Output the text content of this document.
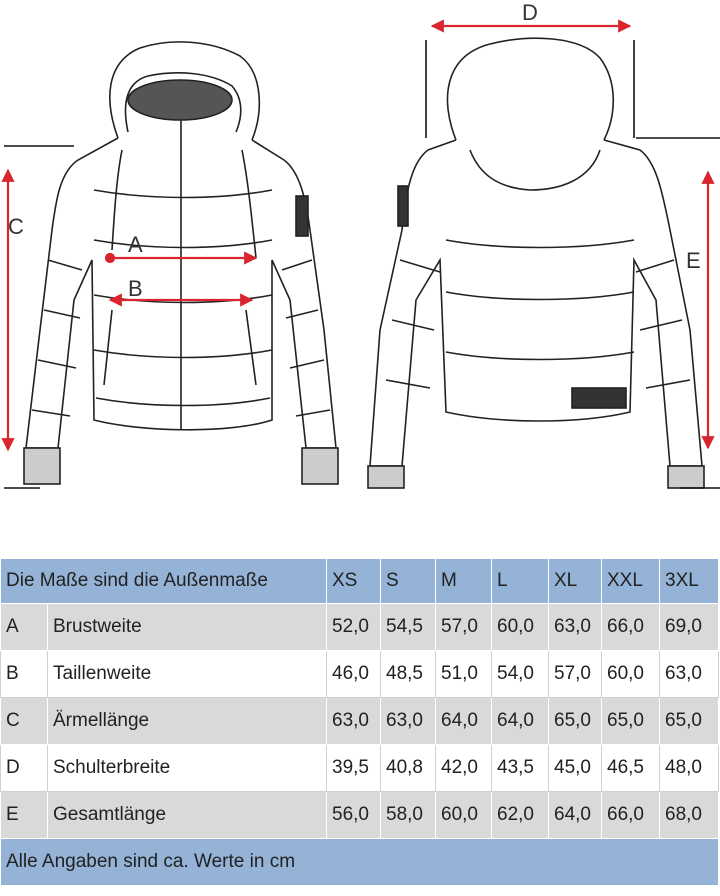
A
B
C
D
E
Die Maße sind die Außenmaße		XS	S	M	L	XL	XXL	3XL
A	Brustweite	52,0	54,5	57,0	60,0	63,0	66,0	69,0
B	Taillenweite	46,0	48,5	51,0	54,0	57,0	60,0	63,0
C	Ärmellänge	63,0	63,0	64,0	64,0	65,0	65,0	65,0
D	Schulterbreite	39,5	40,8	42,0	43,5	45,0	46,5	48,0
E	Gesamtlänge	56,0	58,0	60,0	62,0	64,0	66,0	68,0
Alle Angaben sind ca. Werte in cm								
